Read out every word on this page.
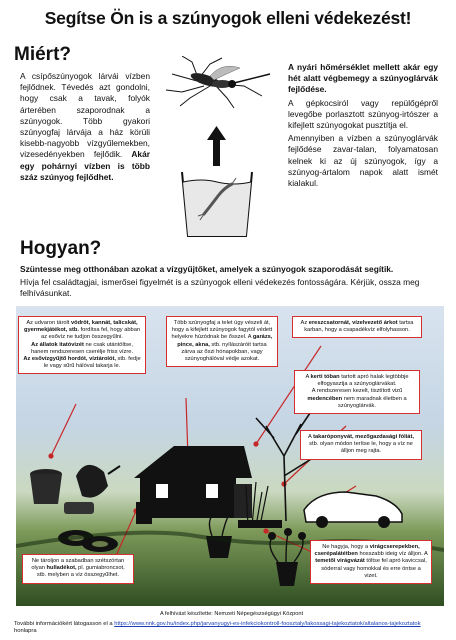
Segítse Ön is a szúnyogok elleni védekezést!
Miért?
A csípőszúnyogok lárvái vízben fejlődnek. Tévedés azt gondolni, hogy csak a tavak, folyók árterében szaporodnak a szúnyogok. Több gyakori szúnyogfaj lárvája a ház körüli kisebb-nagyobb vízgyűlemekben, vizesedényekben fejlődik. Akár egy pohárnyi vízben is több száz szúnyog fejlődhet.

A nyári hőmérséklet mellett akár egy hét alatt végbemegy a szúnyoglárvák fejlődése.

A gépkocsiról vagy repülőgépről levegőbe porlasztott szúnyog-irtószer a kifejlett szúnyogokat pusztítja el.

Amennyiben a vízben a szúnyoglárvák fejlődése zavar-talan, folyamatosan kelnek ki az új szúnyogok, így a szúnyog-ártalom napok alatt ismét kialakul.

Hogyan?
Szüntesse meg otthonában azokat a vízgyűjtőket, amelyek a szúnyogok szaporodását segítik.
Hívja fel családtagjai, ismerősei figyelmét is a szúnyogok elleni védekezés fontosságára. Kérjük, ossza meg felhívásunkat.
Az udvaron tárolt vödröt, kannát, talicskát, gyermekjátékot, stb. fordítsa fel, hogy abban az esővíz ne tudjon összegyűlni.
Az állatok itatóvizét ne csak utántöltse, hanem rendszeresen cserélje friss vízre.
Az esővízgyűjtő hordót, víztárolót, stb. fedje le vagy sűrű hálóval takarja le.
Több szúnyogfaj a telet úgy vészeli át, hogy a kifejlett szúnyogok fagytól védett helyekre húzódnak be ősszel. A garázs, pince, akna, stb. nyílászáróit tartsa zárva az őszi hónapokban, vagy szúnyoghálóval védje azokat.
Az ereszcsatornát, vízelvezető árkot tartsa karban, hogy a csapadékvíz elfolyhasson.
A kerti tóban tartott apró halak legtöbbje elfogyasztja a szúnyoglárvákat.
A rendszeresen kezelt, tisztított vizű medencében nem maradnak életben a szúnyoglárvák.
A takaróponyvát, mezőgazdasági fóliát, stb. olyan módon terítse le, hogy a víz ne álljon meg rajta.
Ne tároljon a szabadban szétszórtan olyan hulladékot, pl. gumiabroncsot, stb. melyben a víz összegyűlhet.
Ne hagyja, hogy a virágcserepekben, cserépalátétben hosszabb ideig víz álljon. A temetői virágvázát töltse fel apró kaviccsal, sóderral vagy homokkal és erre öntse a vizet.
A felhívást készítette: Nemzeti Népegészségügyi Központ
További információkért látogasson el a https://www.nnk.gov.hu/index.php/jarvanyugyi-es-infekciokontroll-foosztaly/lakossagi-tajekoztatok/altalanos-tajekoztatok honlapra
